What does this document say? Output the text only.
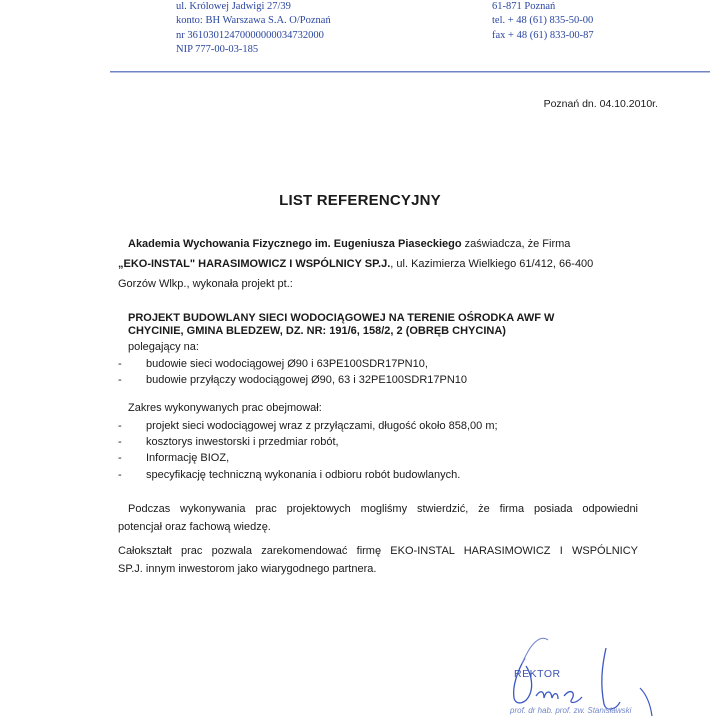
ul. Królowej Jadwigi 27/39
konto: BH Warszawa S.A. O/Poznań
nr 36103012470000000034732000
NIP 777-00-03-185
61-871 Poznań
tel. + 48 (61) 835-50-00
fax + 48 (61) 833-00-87
Poznań dn. 04.10.2010r.
LIST REFERENCYJNY
Akademia Wychowania Fizycznego im. Eugeniusza Piaseckiego zaświadcza, że Firma
„EKO-INSTAL" HARASIMOWICZ I WSPÓLNICY SP.J., ul. Kazimierza Wielkiego 61/412, 66-400
Gorzów Wlkp., wykonała projekt pt.:
PROJEKT BUDOWLANY SIECI WODOCIĄGOWEJ NA TERENIE OŚRODKA AWF W
CHYCINIE, GMINA BLEDZEW, DZ. NR: 191/6, 158/2, 2 (OBRĘB CHYCINA)
polegający na:
- budowie sieci wodociągowej Ø90 i 63PE100SDR17PN10,
- budowie przyłączy wodociągowej Ø90, 63 i 32PE100SDR17PN10
Zakres wykonywanych prac obejmował:
- projekt sieci wodociągowej wraz z przyłączami, długość około 858,00 m;
- kosztorys inwestorski i przedmiar robót,
- Informację BIOZ,
- specyfikację techniczną wykonania i odbioru robót budowlanych.
Podczas wykonywania prac projektowych mogliśmy stwierdzić, że firma posiada odpowiedni
potencjał oraz fachową wiedzę.
Całokształt prac pozwala zarekomendować firmę EKO-INSTAL HARASIMOWICZ I WSPÓLNICY
SP.J. innym inwestorom jako wiarygodnego partnera.
REKTOR
prof. dr hab. prof. zw. Stanisławski
